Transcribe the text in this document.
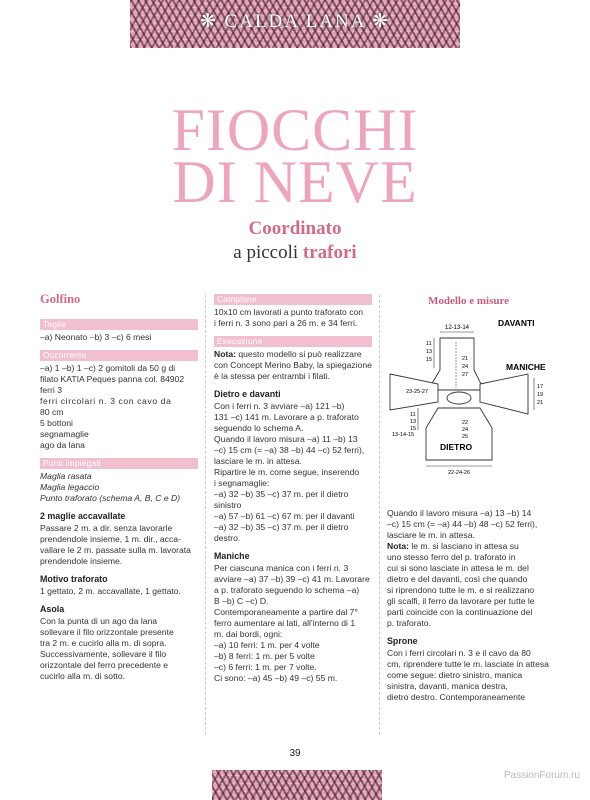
❋ CALDA LANA ❋
FIOCCHI
DI NEVE
Coordinato
a piccoli trafori
Golfino
Taglie
–a) Neonato –b) 3 –c) 6 mesi
Occorrente
–a) 1 –b) 1 –c) 2 gomitoli da 50 g di
filato KATIA Peques panna col. 84902
ferri 3
ferri circolari n. 3 con cavo da
80 cm
5 bottoni
segnamaglie
ago da lana
Punti impiegati
Maglia rasata
Maglia legaccio
Punto traforato (schema A, B, C e D)
2 maglie accavallate
Passare 2 m. a dir. senza lavorarle
prendendole insieme, 1 m. dir., acca-
vallare le 2 m. passate sulla m. lavorata
prendendole insieme.
Motivo traforato
1 gettato, 2 m. accavallate, 1 gettato.
Asola
Con la punta di un ago da lana
sollevare il filo orizzontale presente
tra 2 m. e cucirlo alla m. di sopra.
Successivamente, sollevare il filo
orizzontale del ferro precedente e
cucirlo alla m. di sotto.
Campione
10x10 cm lavorati a punto traforato con
i ferri n. 3 sono pari a 26 m. e 34 ferri.
Esecuzione
Nota: questo modello si può realizzare
con Concept Merino Baby, la spiegazione
è la stessa per entrambi i filati.
Dietro e davanti
Con i ferri n. 3 avviare –a) 121 –b)
131 –c) 141 m. Lavorare a p. traforato
seguendo lo schema A.
Quando il lavoro misura –a) 11 –b) 13
–c) 15 cm (= –a) 38 –b) 44 –c) 52 ferri),
lasciare le m. in attesa.
Ripartire le m. come segue, inserendo
i segnamaglie:
–a) 32 –b) 35 –c) 37 m. per il dietro
sinistro
–a) 57 –b) 61 –c) 67 m. per il davanti
–a) 32 –b) 35 –c) 37 m. per il dietro
destro.
Maniche
Per ciascuna manica con i ferri n. 3
avviare –a) 37 –b) 39 –c) 41 m. Lavorare
a p. traforato seguendo lo schema –a)
B –b) C –c) D.
Contemporaneamente a partire dal 7°
ferro aumentare ai lati, all'interno di 1
m. dai bordi, ogni:
–a) 10 ferri: 1 m. per 4 volte
–b) 8 ferri: 1 m. per 5 volte
–c) 6 ferri: 1 m. per 7 volte.
Ci sono: –a) 45 –b) 49 –c) 55 m.
Modello e misure
12-13-14	DAVANTI
11
13
15	21
24
27
23-25-27
MANICHE
17
19
21
DIETRO
22
24
25
11
13
15
13-14-15
22-24-26
Quando il lavoro misura –a) 13 –b) 14
–c) 15 cm (= –a) 44 –b) 48 –c) 52 ferri),
lasciare le m. in attesa.
Nota: le m. si lasciano in attesa su
uno stesso ferro del p. traforato in
cui si sono lasciate in attesa le m. del
dietro e del davanti, così che quando
si riprendono tutte le m. e si realizzano
gli scalfi, il ferro da lavorare per tutte le
parti coincide con la continuazione del
p. traforato.
Sprone
Con i ferri circolari n. 3 e il cavo da 80
cm, riprendere tutte le m. lasciate in attesa
come segue: dietro sinistro, manica
sinistra, davanti, manica destra,
dietro destro. Contemporaneamente
39
PassionForum.ru
